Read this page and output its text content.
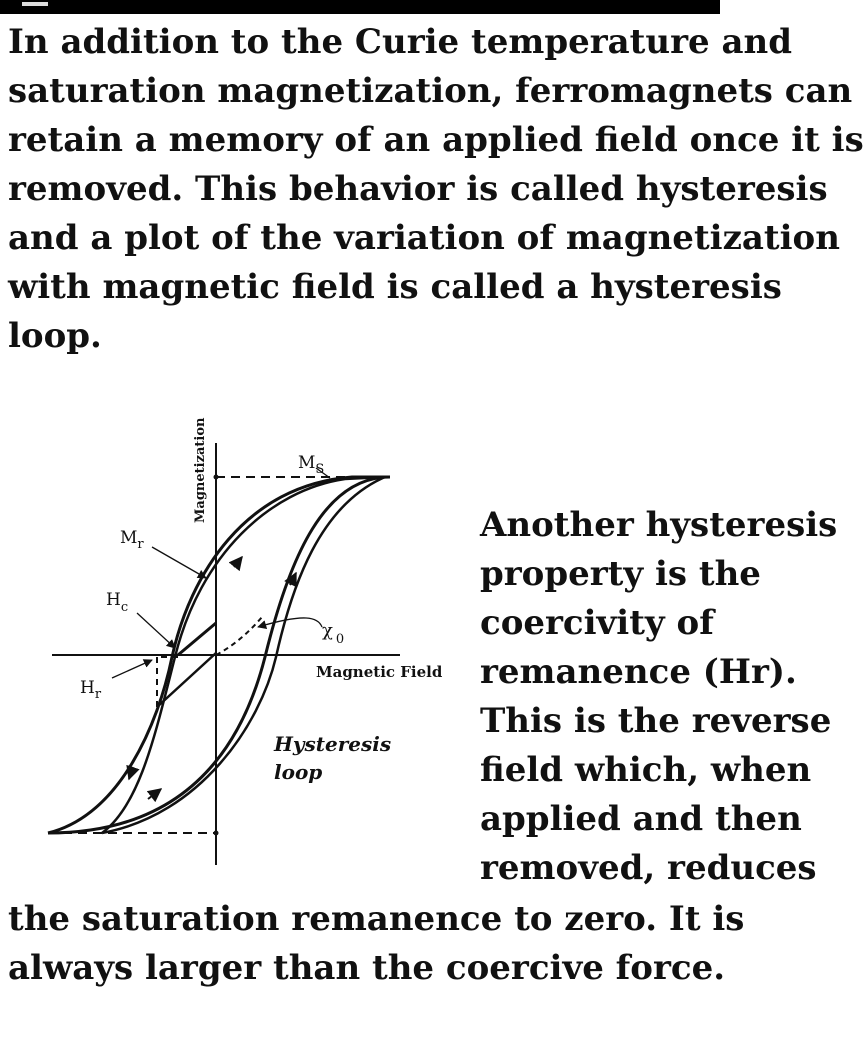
In addition to the Curie temperature and
saturation magnetization, ferromagnets can
retain a memory of an applied field once it is
removed. This behavior is called hysteresis
and a plot of the variation of magnetization
with magnetic field is called a hysteresis
loop.
Magnetization
Magnetic Field
$M_S$
$M_r$
$H_c$
$H_r$
χ $_0$
Hysteresis
loop
Another hysteresis
property is the
coercivity of
remanence (Hr).
This is the reverse
field which, when
applied and then
removed, reduces
the saturation remanence to zero. It is
always larger than the coercive force.
